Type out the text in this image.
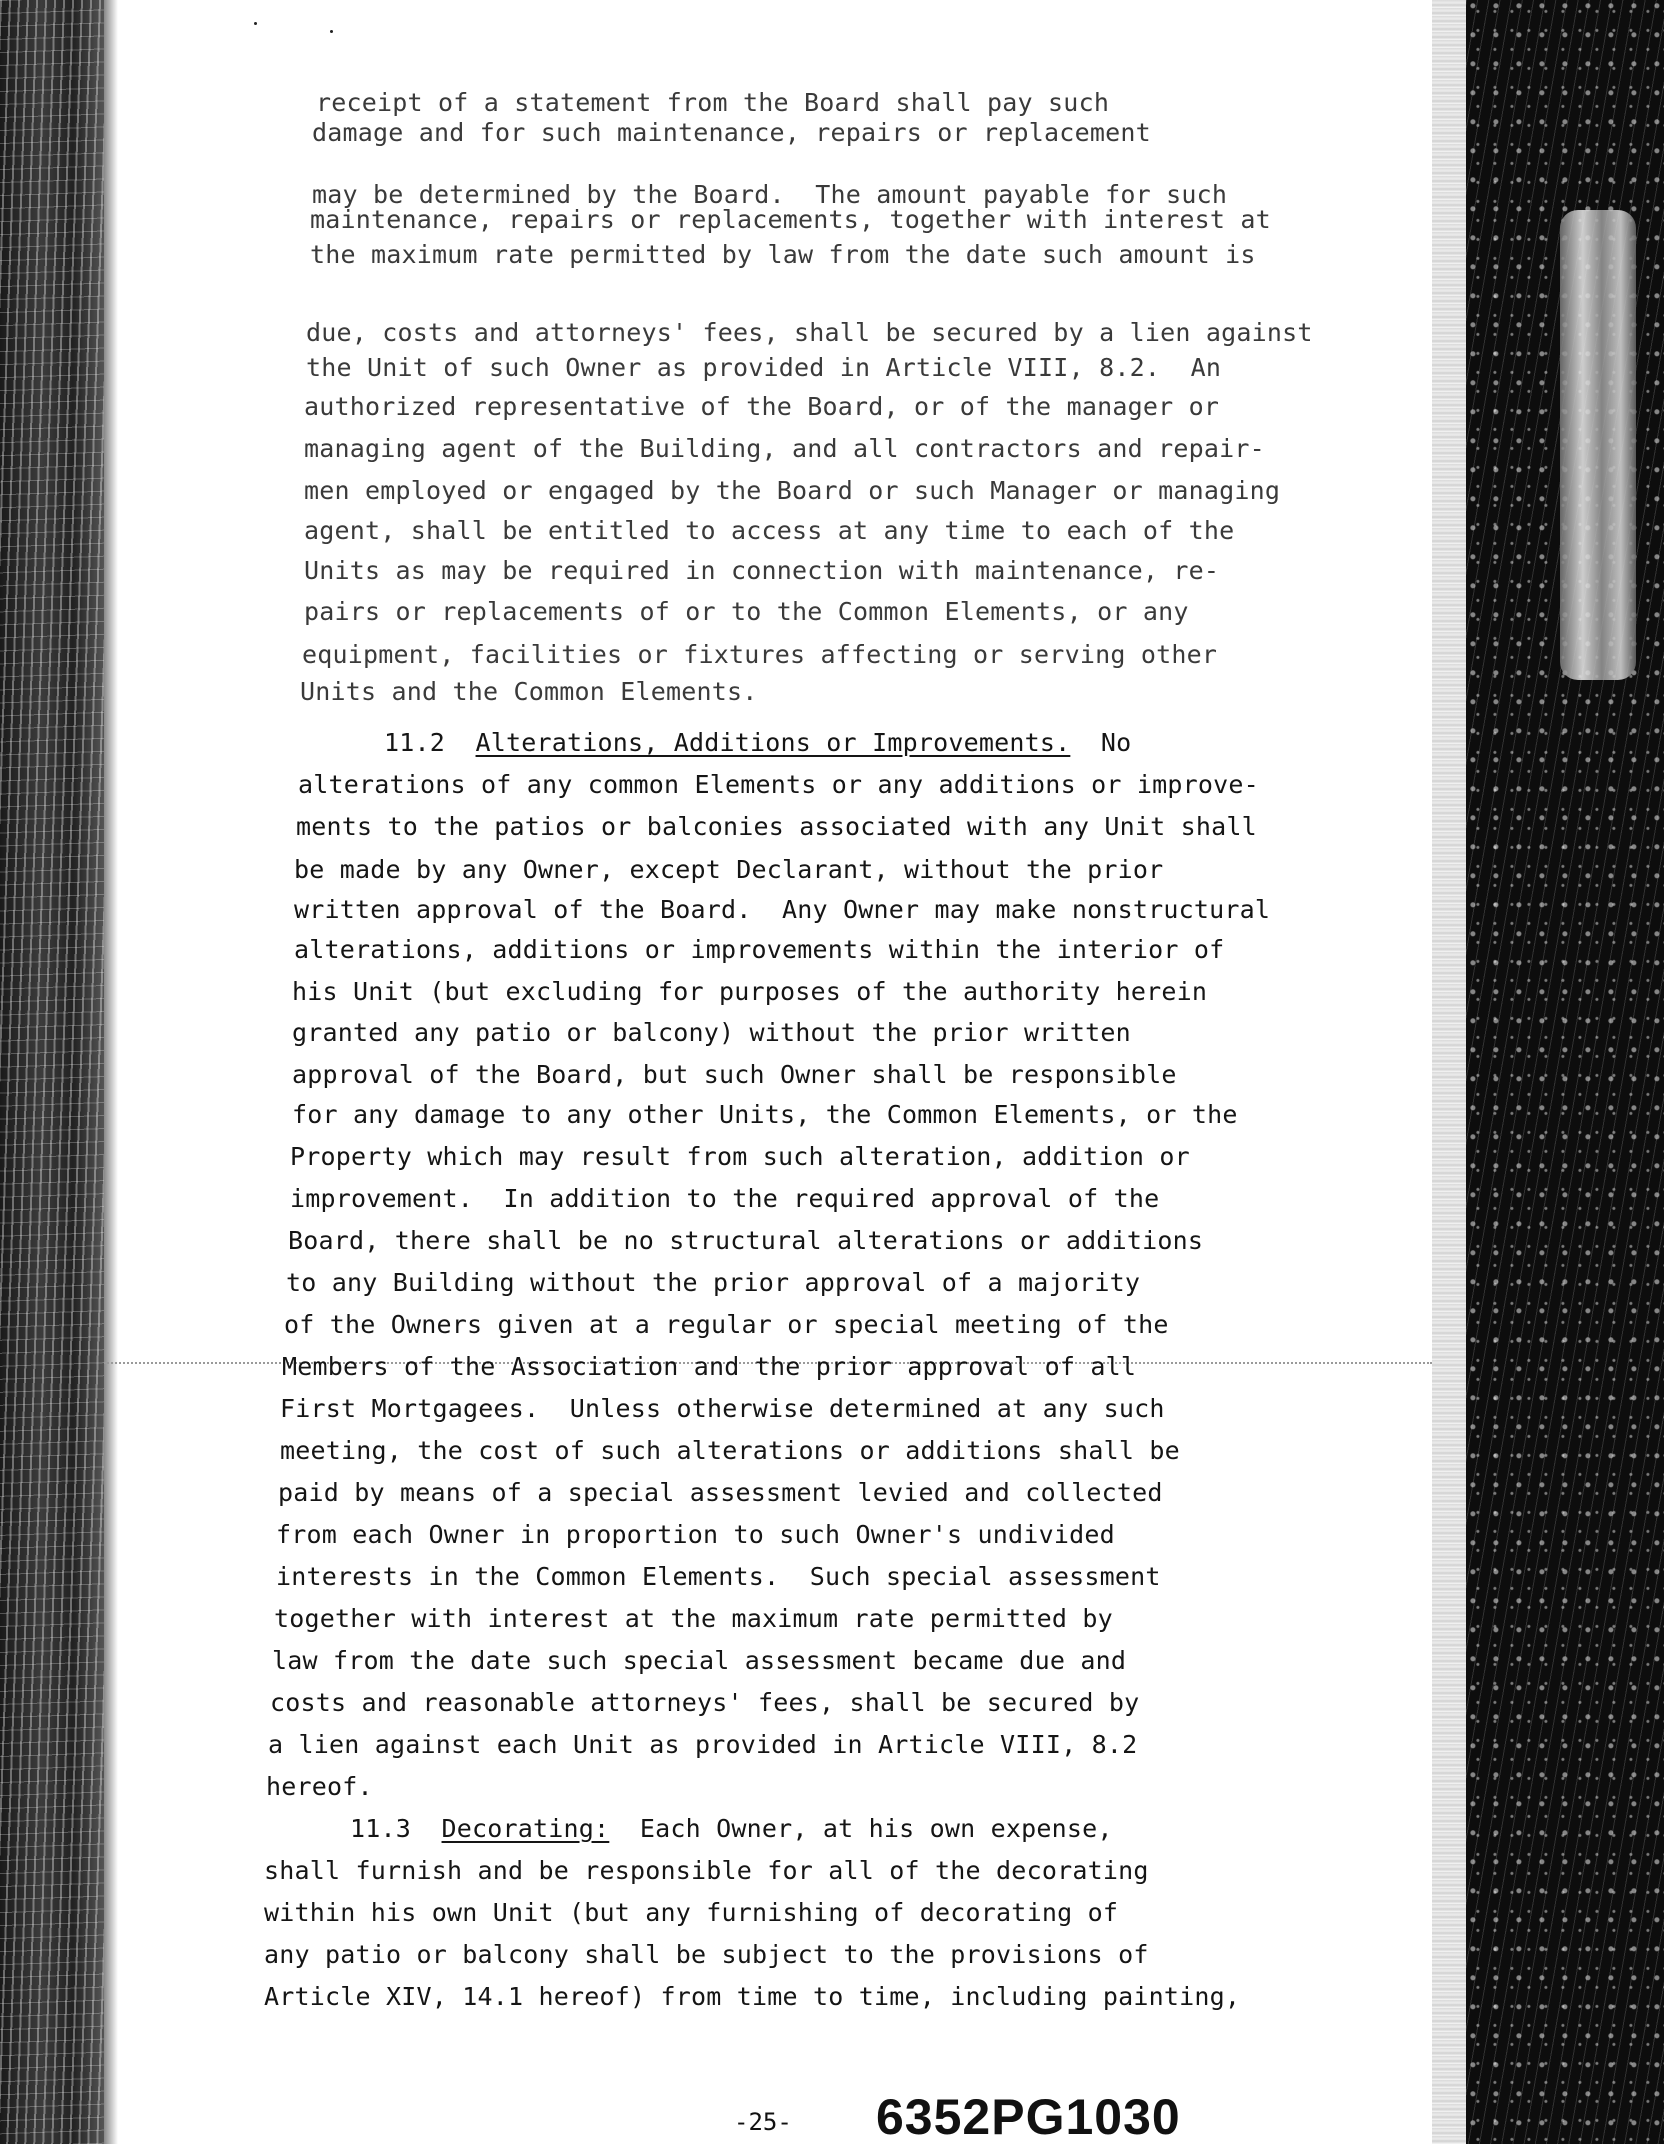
receipt of a statement from the Board shall pay such
damage and for such maintenance, repairs or replacement
may be determined by the Board.  The amount payable for such
maintenance, repairs or replacements, together with interest at
the maximum rate permitted by law from the date such amount is
due, costs and attorneys' fees, shall be secured by a lien against
the Unit of such Owner as provided in Article VIII, 8.2.  An
authorized representative of the Board, or of the manager or
managing agent of the Building, and all contractors and repair-
men employed or engaged by the Board or such Manager or managing
agent, shall be entitled to access at any time to each of the
Units as may be required in connection with maintenance, re-
pairs or replacements of or to the Common Elements, or any
equipment, facilities or fixtures affecting or serving other
Units and the Common Elements.
11.2 Alterations, Additions or Improvements. No
alterations of any common Elements or any additions or improve-
ments to the patios or balconies associated with any Unit shall
be made by any Owner, except Declarant, without the prior
written approval of the Board.  Any Owner may make nonstructural
alterations, additions or improvements within the interior of
his Unit (but excluding for purposes of the authority herein
granted any patio or balcony) without the prior written
approval of the Board, but such Owner shall be responsible
for any damage to any other Units, the Common Elements, or the
Property which may result from such alteration, addition or
improvement.  In addition to the required approval of the
Board, there shall be no structural alterations or additions
to any Building without the prior approval of a majority
of the Owners given at a regular or special meeting of the
Members of the Association and the prior approval of all
First Mortgagees.  Unless otherwise determined at any such
meeting, the cost of such alterations or additions shall be
paid by means of a special assessment levied and collected
from each Owner in proportion to such Owner's undivided
interests in the Common Elements.  Such special assessment
together with interest at the maximum rate permitted by
law from the date such special assessment became due and
costs and reasonable attorneys' fees, shall be secured by
a lien against each Unit as provided in Article VIII, 8.2
hereof.
11.3 Decorating: Each Owner, at his own expense,
shall furnish and be responsible for all of the decorating
within his own Unit (but any furnishing of decorating of
any patio or balcony shall be subject to the provisions of
Article XIV, 14.1 hereof) from time to time, including painting,
-25- 6352PG1030
